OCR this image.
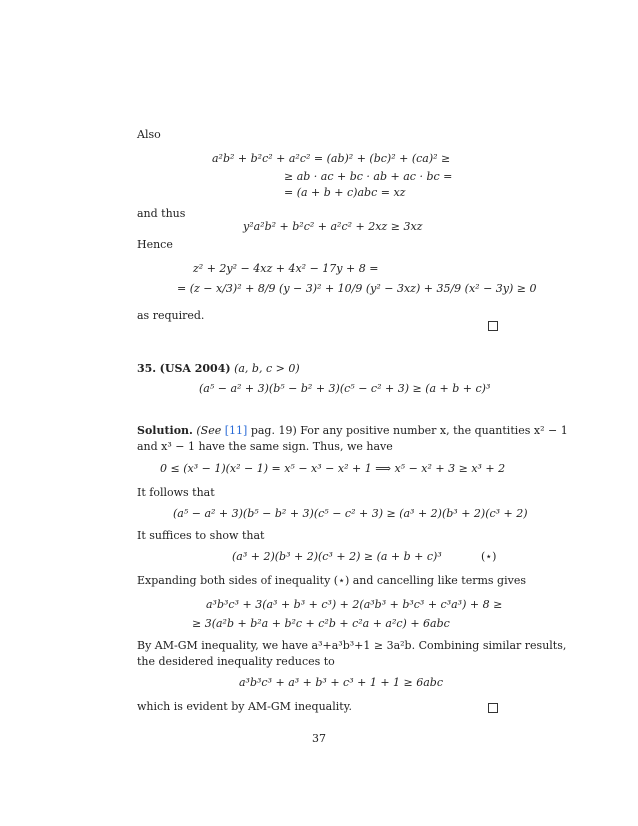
Also
a²b² + b²c² + a²c² = (ab)² + (bc)² + (ca)² ≥
≥ ab · ac + bc · ab + ac · bc =
= (a + b + c)abc = xz
and thus
y²a²b² + b²c² + a²c² + 2xz ≥ 3xz
Hence
z² + 2y² − 4xz + 4x² − 17y + 8 =
= (z − x/3)² + 8/9 (y − 3)² + 10/9 (y² − 3xz) + 35/9 (x² − 3y) ≥ 0
as required.
35. (USA 2004) (a, b, c > 0)
(a⁵ − a² + 3)(b⁵ − b² + 3)(c⁵ − c² + 3) ≥ (a + b + c)³
Solution. (See [11] pag. 19) For any positive number x, the quantities x² − 1
and x³ − 1 have the same sign. Thus, we have
0 ≤ (x³ − 1)(x² − 1) = x⁵ − x³ − x² + 1 ⟹ x⁵ − x² + 3 ≥ x³ + 2
It follows that
(a⁵ − a² + 3)(b⁵ − b² + 3)(c⁵ − c² + 3) ≥ (a³ + 2)(b³ + 2)(c³ + 2)
It suffices to show that
(a³ + 2)(b³ + 2)(c³ + 2) ≥ (a + b + c)³	(⋆)
Expanding both sides of inequality (⋆) and cancelling like terms gives
a³b³c³ + 3(a³ + b³ + c³) + 2(a³b³ + b³c³ + c³a³) + 8 ≥
≥ 3(a²b + b²a + b²c + c²b + c²a + a²c) + 6abc
By AM-GM inequality, we have a³+a³b³+1 ≥ 3a²b. Combining similar results,
the desidered inequality reduces to
a³b³c³ + a³ + b³ + c³ + 1 + 1 ≥ 6abc
which is evident by AM-GM inequality.
37
